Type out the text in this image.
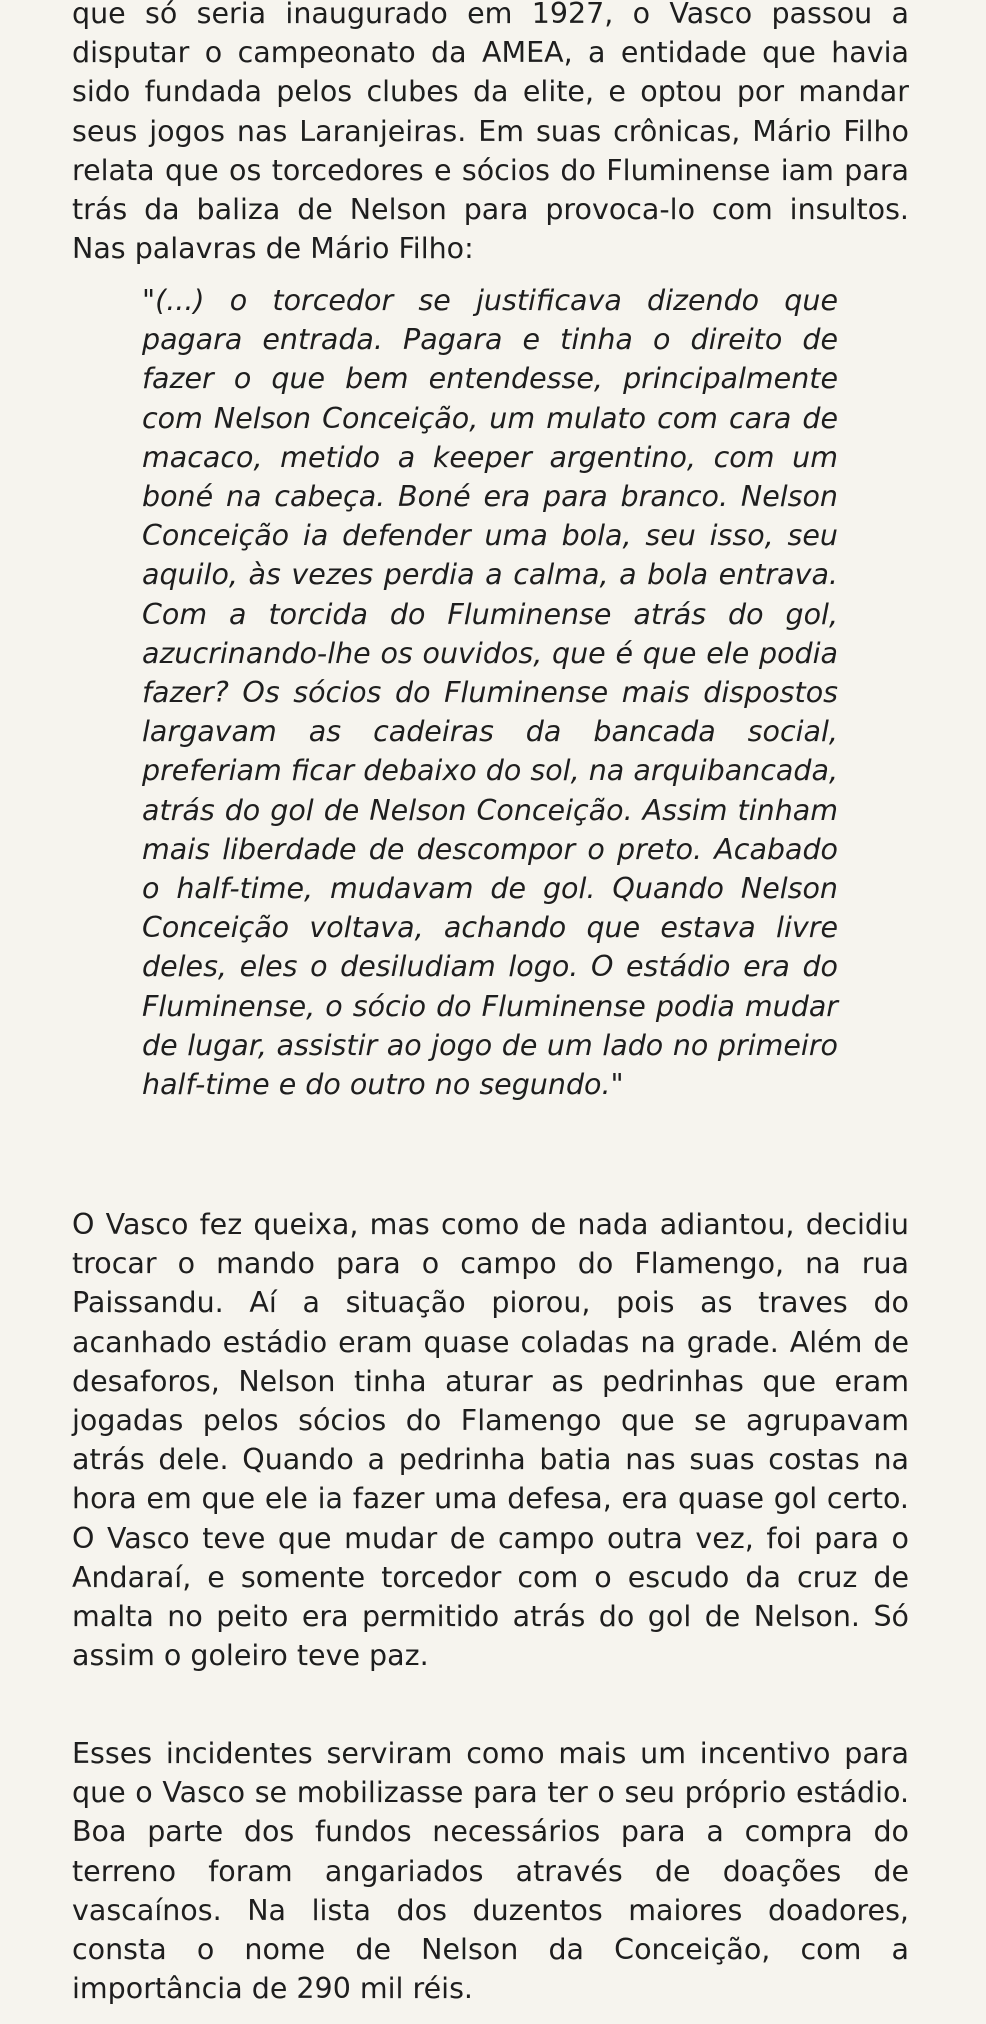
que só seria inaugurado em 1927, o Vasco passou a disputar o campeonato da AMEA, a entidade que havia sido fundada pelos clubes da elite, e optou por mandar seus jogos nas Laranjeiras. Em suas crônicas, Mário Filho relata que os torcedores e sócios do Fluminense iam para trás da baliza de Nelson para provoca-lo com insultos. Nas palavras de Mário Filho:

"(...) o torcedor se justificava dizendo que pagara entrada. Pagara e tinha o direito de fazer o que bem entendesse, principalmente com Nelson Conceição, um mulato com cara de macaco, metido a keeper argentino, com um boné na cabeça. Boné era para branco. Nelson Conceição ia defender uma bola, seu isso, seu aquilo, às vezes perdia a calma, a bola entrava. Com a torcida do Fluminense atrás do gol, azucrinando-lhe os ouvidos, que é que ele podia fazer? Os sócios do Fluminense mais dispostos largavam as cadeiras da bancada social, preferiam ficar debaixo do sol, na arquibancada, atrás do gol de Nelson Conceição. Assim tinham mais liberdade de descompor o preto. Acabado o half-time, mudavam de gol. Quando Nelson Conceição voltava, achando que estava livre deles, eles o desiludiam logo. O estádio era do Fluminense, o sócio do Fluminense podia mudar de lugar, assistir ao jogo de um lado no primeiro half-time e do outro no segundo."

O Vasco fez queixa, mas como de nada adiantou, decidiu trocar o mando para o campo do Flamengo, na rua Paissandu. Aí a situação piorou, pois as traves do acanhado estádio eram quase coladas na grade. Além de desaforos, Nelson tinha aturar as pedrinhas que eram jogadas pelos sócios do Flamengo que se agrupavam atrás dele. Quando a pedrinha batia nas suas costas na hora em que ele ia fazer uma defesa, era quase gol certo. O Vasco teve que mudar de campo outra vez, foi para o Andaraí, e somente torcedor com o escudo da cruz de malta no peito era permitido atrás do gol de Nelson. Só assim o goleiro teve paz.

Esses incidentes serviram como mais um incentivo para que o Vasco se mobilizasse para ter o seu próprio estádio. Boa parte dos fundos necessários para a compra do terreno foram angariados através de doações de vascaínos. Na lista dos duzentos maiores doadores, consta o nome de Nelson da Conceição, com a importância de 290 mil réis.
